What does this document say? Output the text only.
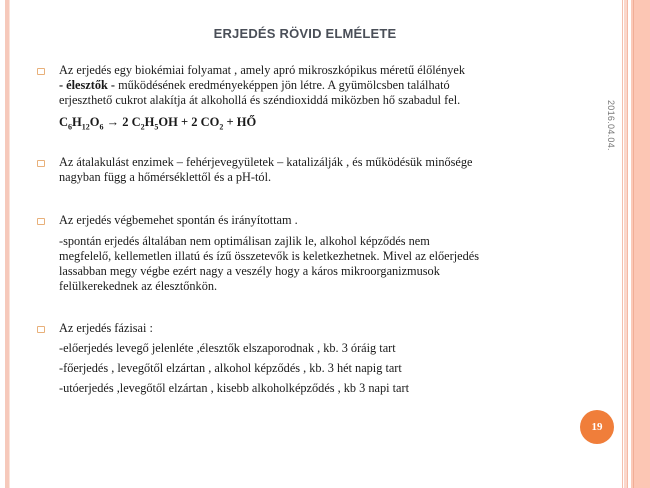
ERJEDÉS RÖVID ELMÉLETE
Az erjedés egy biokémiai folyamat , amely apró mikroszkópikus méretű élőlények
- élesztők - működésének eredményeképpen jön létre. A gyümölcsben található
erjeszthető cukrot alakítja át alkohollá és széndioxiddá miközben hő szabadul fel.
$C_6H_{12}O_6 \to 2$ $C_2H_5OH + 2$ $CO_2$ + HŐ
Az átalakulást enzimek – fehérjevegyületek – katalizálják , és működésük minősége
nagyban függ a hőmérséklettől és a pH-tól.
Az erjedés végbemehet spontán és irányítottam .
-spontán erjedés általában nem optimálisan zajlik le, alkohol képződés nem
megfelelő, kellemetlen illatú és ízű összetevők is keletkezhetnek. Mivel az előerjedés
lassabban megy végbe ezért nagy a veszély hogy a káros mikroorganizmusok
felülkerekednek az élesztőnkön.
Az erjedés fázisai :
-előerjedés levegő jelenléte ,élesztők elszaporodnak , kb. 3 óráig tart
-főerjedés , levegőtől elzártan , alkohol képződés , kb. 3 hét napig tart
-utóerjedés ,levegőtől elzártan , kisebb alkoholképződés , kb 3 napi tart
2016.04.04.
19
